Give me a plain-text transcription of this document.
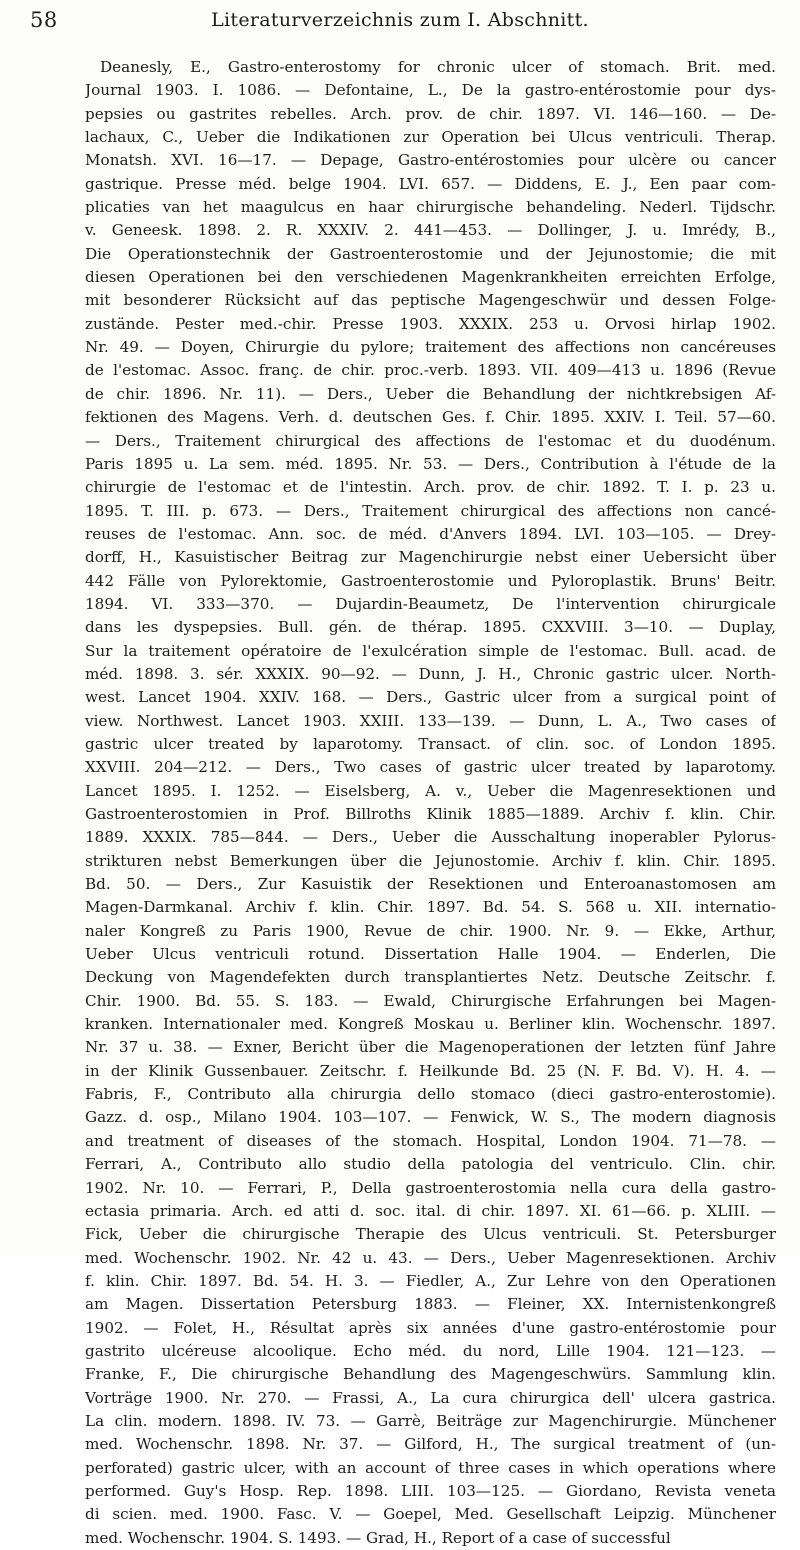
58	Literaturverzeichnis zum I. Abschnitt.
Deanesly, E., Gastro-enterostomy for chronic ulcer of stomach. Brit. med.
Journal 1903. I. 1086. — Defontaine, L., De la gastro-entérostomie pour dys-
pepsies ou gastrites rebelles. Arch. prov. de chir. 1897. VI. 146—160. — De-
lachaux, C., Ueber die Indikationen zur Operation bei Ulcus ventriculi. Therap.
Monatsh. XVI. 16—17. — Depage, Gastro-entérostomies pour ulcère ou cancer
gastrique. Presse méd. belge 1904. LVI. 657. — Diddens, E. J., Een paar com-
plicaties van het maagulcus en haar chirurgische behandeling. Nederl. Tijdschr.
v. Geneesk. 1898. 2. R. XXXIV. 2. 441—453. — Dollinger, J. u. Imrédy, B.,
Die Operationstechnik der Gastroenterostomie und der Jejunostomie; die mit
diesen Operationen bei den verschiedenen Magenkrankheiten erreichten Erfolge,
mit besonderer Rücksicht auf das peptische Magengeschwür und dessen Folge-
zustände. Pester med.-chir. Presse 1903. XXXIX. 253 u. Orvosi hirlap 1902.
Nr. 49. — Doyen, Chirurgie du pylore; traitement des affections non cancéreuses
de l'estomac. Assoc. franç. de chir. proc.-verb. 1893. VII. 409—413 u. 1896 (Revue
de chir. 1896. Nr. 11). — Ders., Ueber die Behandlung der nichtkrebsigen Af-
fektionen des Magens. Verh. d. deutschen Ges. f. Chir. 1895. XXIV. I. Teil. 57—60.
— Ders., Traitement chirurgical des affections de l'estomac et du duodénum.
Paris 1895 u. La sem. méd. 1895. Nr. 53. — Ders., Contribution à l'étude de la
chirurgie de l'estomac et de l'intestin. Arch. prov. de chir. 1892. T. I. p. 23 u.
1895. T. III. p. 673. — Ders., Traitement chirurgical des affections non cancé-
reuses de l'estomac. Ann. soc. de méd. d'Anvers 1894. LVI. 103—105. — Drey-
dorff, H., Kasuistischer Beitrag zur Magenchirurgie nebst einer Uebersicht über
442 Fälle von Pylorektomie, Gastroenterostomie und Pyloroplastik. Bruns' Beitr.
1894. VI. 333—370. — Dujardin-Beaumetz, De l'intervention chirurgicale
dans les dyspepsies. Bull. gén. de thérap. 1895. CXXVIII. 3—10. — Duplay,
Sur la traitement opératoire de l'exulcération simple de l'estomac. Bull. acad. de
méd. 1898. 3. sér. XXXIX. 90—92. — Dunn, J. H., Chronic gastric ulcer. North-
west. Lancet 1904. XXIV. 168. — Ders., Gastric ulcer from a surgical point of
view. Northwest. Lancet 1903. XXIII. 133—139. — Dunn, L. A., Two cases of
gastric ulcer treated by laparotomy. Transact. of clin. soc. of London 1895.
XXVIII. 204—212. — Ders., Two cases of gastric ulcer treated by laparotomy.
Lancet 1895. I. 1252. — Eiselsberg, A. v., Ueber die Magenresektionen und
Gastroenterostomien in Prof. Billroths Klinik 1885—1889. Archiv f. klin. Chir.
1889. XXXIX. 785—844. — Ders., Ueber die Ausschaltung inoperabler Pylorus-
strikturen nebst Bemerkungen über die Jejunostomie. Archiv f. klin. Chir. 1895.
Bd. 50. — Ders., Zur Kasuistik der Resektionen und Enteroanastomosen am
Magen-Darmkanal. Archiv f. klin. Chir. 1897. Bd. 54. S. 568 u. XII. internatio-
naler Kongreß zu Paris 1900, Revue de chir. 1900. Nr. 9. — Ekke, Arthur,
Ueber Ulcus ventriculi rotund. Dissertation Halle 1904. — Enderlen, Die
Deckung von Magendefekten durch transplantiertes Netz. Deutsche Zeitschr. f.
Chir. 1900. Bd. 55. S. 183. — Ewald, Chirurgische Erfahrungen bei Magen-
kranken. Internationaler med. Kongreß Moskau u. Berliner klin. Wochenschr. 1897.
Nr. 37 u. 38. — Exner, Bericht über die Magenoperationen der letzten fünf Jahre
in der Klinik Gussenbauer. Zeitschr. f. Heilkunde Bd. 25 (N. F. Bd. V). H. 4. —
Fabris, F., Contributo alla chirurgia dello stomaco (dieci gastro-enterostomie).
Gazz. d. osp., Milano 1904. 103—107. — Fenwick, W. S., The modern diagnosis
and treatment of diseases of the stomach. Hospital, London 1904. 71—78. —
Ferrari, A., Contributo allo studio della patologia del ventriculo. Clin. chir.
1902. Nr. 10. — Ferrari, P., Della gastroenterostomia nella cura della gastro-
ectasia primaria. Arch. ed atti d. soc. ital. di chir. 1897. XI. 61—66. p. XLIII. —
Fick, Ueber die chirurgische Therapie des Ulcus ventriculi. St. Petersburger
med. Wochenschr. 1902. Nr. 42 u. 43. — Ders., Ueber Magenresektionen. Archiv
f. klin. Chir. 1897. Bd. 54. H. 3. — Fiedler, A., Zur Lehre von den Operationen
am Magen. Dissertation Petersburg 1883. — Fleiner, XX. Internistenkongreß
1902. — Folet, H., Résultat après six années d'une gastro-entérostomie pour
gastrito ulcéreuse alcoolique. Echo méd. du nord, Lille 1904. 121—123. —
Franke, F., Die chirurgische Behandlung des Magengeschwürs. Sammlung klin.
Vorträge 1900. Nr. 270. — Frassi, A., La cura chirurgica dell' ulcera gastrica.
La clin. modern. 1898. IV. 73. — Garrè, Beiträge zur Magenchirurgie. Münchener
med. Wochenschr. 1898. Nr. 37. — Gilford, H., The surgical treatment of (un-
perforated) gastric ulcer, with an account of three cases in which operations where
performed. Guy's Hosp. Rep. 1898. LIII. 103—125. — Giordano, Revista veneta
di scien. med. 1900. Fasc. V. — Goepel, Med. Gesellschaft Leipzig. Münchener
med. Wochenschr. 1904. S. 1493. — Grad, H., Report of a case of successful
